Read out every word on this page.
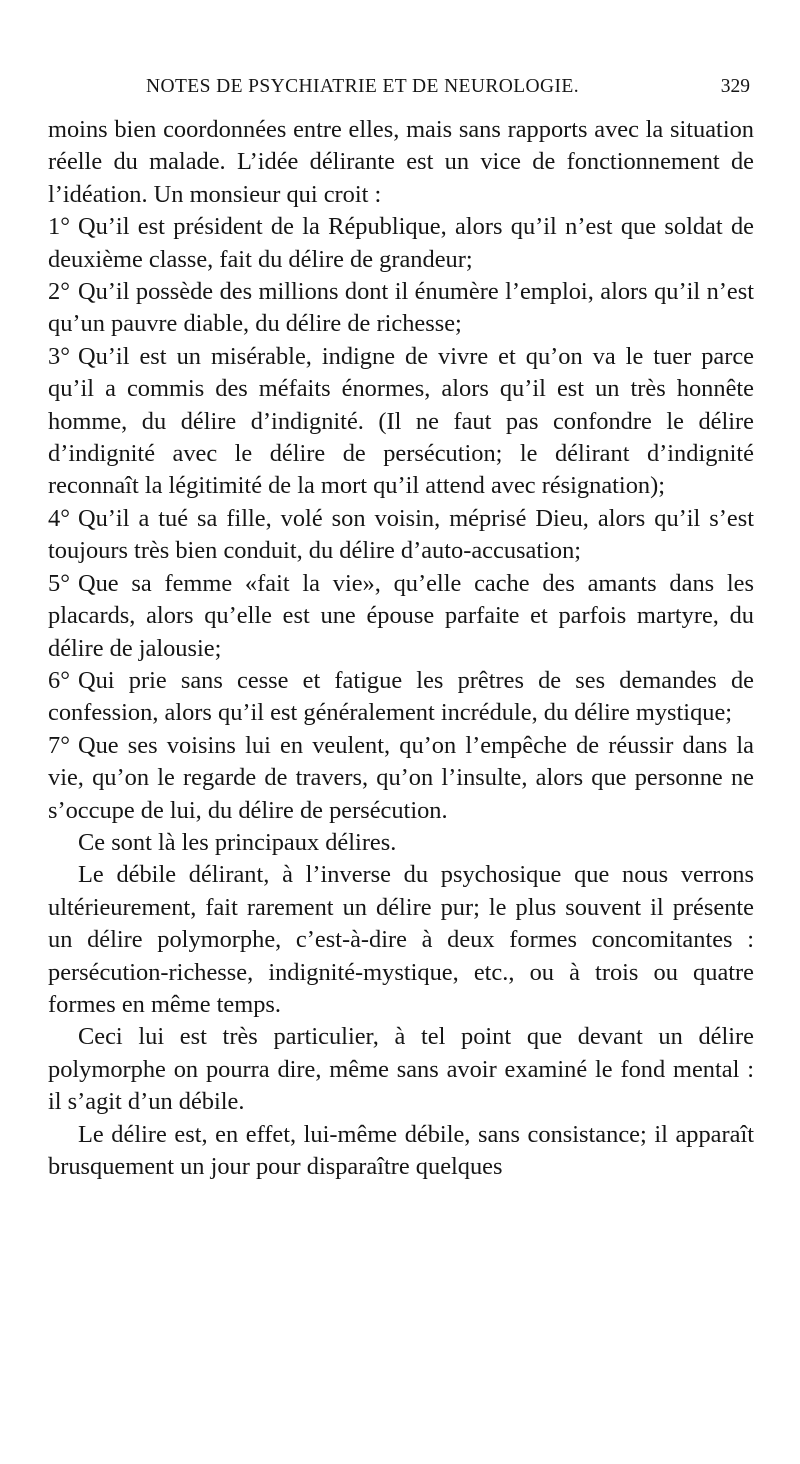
NOTES DE PSYCHIATRIE ET DE NEUROLOGIE.	329

moins bien coordonnées entre elles, mais sans rapports avec la situation réelle du malade. L’idée délirante est un vice de fonctionnement de l’idéation. Un monsieur qui croit :

1° Qu’il est président de la République, alors qu’il n’est que soldat de deuxième classe, fait du délire de grandeur;

2° Qu’il possède des millions dont il énumère l’emploi, alors qu’il n’est qu’un pauvre diable, du délire de richesse;

3° Qu’il est un misérable, indigne de vivre et qu’on va le tuer parce qu’il a commis des méfaits énormes, alors qu’il est un très honnête homme, du délire d’indignité. (Il ne faut pas confondre le délire d’indignité avec le délire de persécution; le délirant d’indignité reconnaît la légitimité de la mort qu’il attend avec résignation);

4° Qu’il a tué sa fille, volé son voisin, méprisé Dieu, alors qu’il s’est toujours très bien conduit, du délire d’auto-accusation;

5° Que sa femme «fait la vie», qu’elle cache des amants dans les placards, alors qu’elle est une épouse parfaite et parfois martyre, du délire de jalousie;

6° Qui prie sans cesse et fatigue les prêtres de ses demandes de confession, alors qu’il est généralement incrédule, du délire mystique;

7° Que ses voisins lui en veulent, qu’on l’empêche de réussir dans la vie, qu’on le regarde de travers, qu’on l’insulte, alors que personne ne s’occupe de lui, du délire de persécution.

Ce sont là les principaux délires.

Le débile délirant, à l’inverse du psychosique que nous verrons ultérieurement, fait rarement un délire pur; le plus souvent il présente un délire polymorphe, c’est-à-dire à deux formes concomitantes : persécution-richesse, indignité-mystique, etc., ou à trois ou quatre formes en même temps.

Ceci lui est très particulier, à tel point que devant un délire polymorphe on pourra dire, même sans avoir examiné le fond mental : il s’agit d’un débile.

Le délire est, en effet, lui-même débile, sans consistance; il apparaît brusquement un jour pour disparaître quelques
